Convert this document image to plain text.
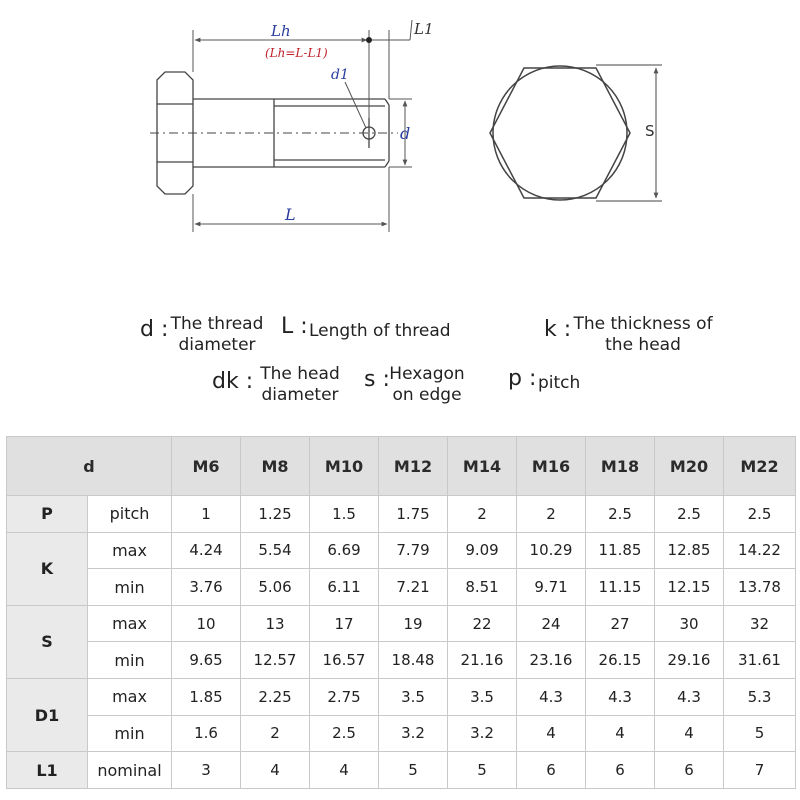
Lh
(Lh=L-L1)
L1
d1
d
L
S
d : The thread diameter
L : Length of thread	k : The thickness of the head
dk : The head diameter
s : Hexagon on edge
p : pitch
d		M6	M8	M10	M12	M14	M16	M18	M20	M22
P	pitch	1	1.25	1.5	1.75	2	2	2.5	2.5	2.5
K	max	4.24	5.54	6.69	7.79	9.09	10.29	11.85	12.85	14.22
	min	3.76	5.06	6.11	7.21	8.51	9.71	11.15	12.15	13.78
S	max	10	13	17	19	22	24	27	30	32
	min	9.65	12.57	16.57	18.48	21.16	23.16	26.15	29.16	31.61
D1	max	1.85	2.25	2.75	3.5	3.5	4.3	4.3	4.3	5.3
	min	1.6	2	2.5	3.2	3.2	4	4	4	5
L1	nominal	3	4	4	5	5	6	6	6	7
